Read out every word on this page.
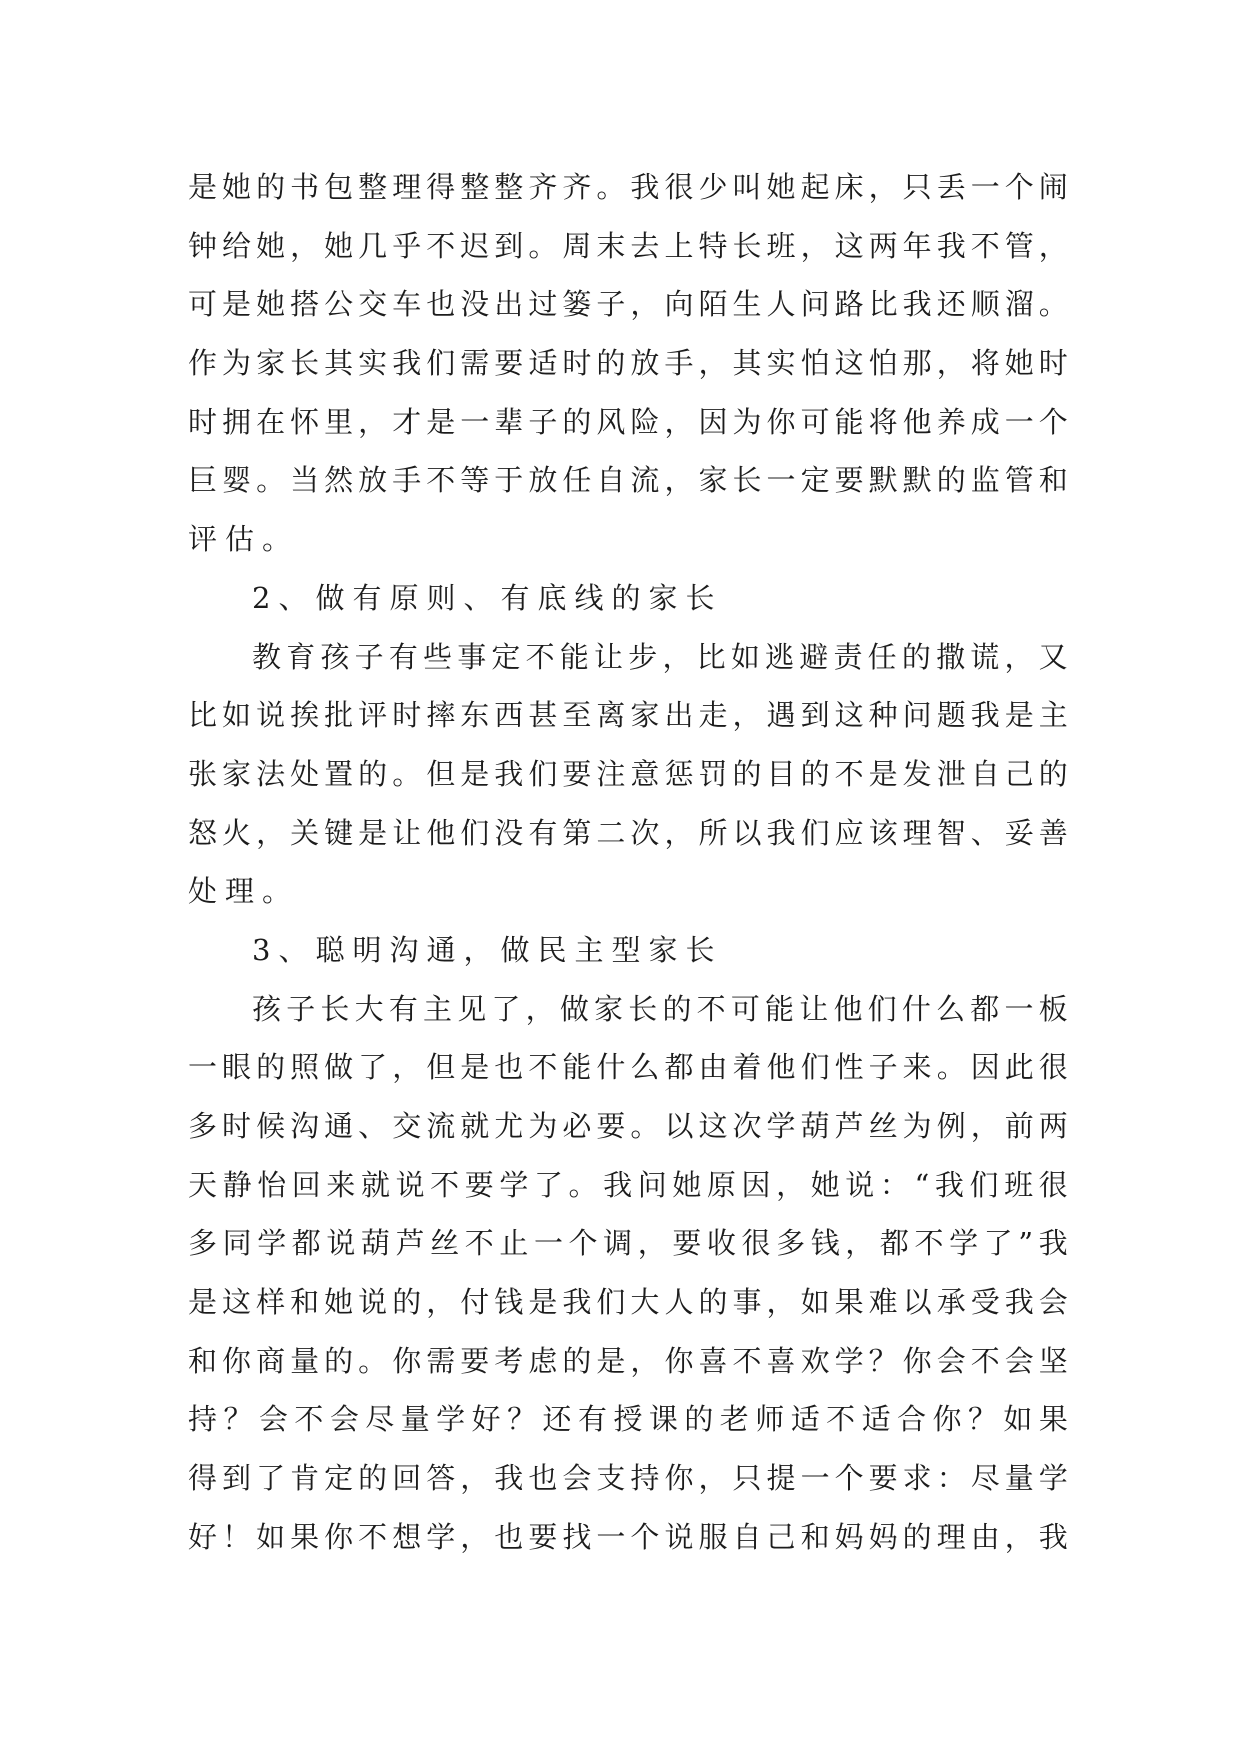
是 她 的 书 包 整 理 得 整 整 齐 齐 。 我 很 少 叫 她 起 床 ， 只 丢 一 个 闹
钟 给 她 ， 她 几 乎 不 迟 到 。 周 末 去 上 特 长 班 ， 这 两 年 我 不 管 ，
可 是 她 搭 公 交 车 也 没 出 过 篓 子 ， 向 陌 生 人 问 路 比 我 还 顺 溜 。
作 为 家 长 其 实 我 们 需 要 适 时 的 放 手 ， 其 实 怕 这 怕 那 ， 将 她 时
时 拥 在 怀 里 ， 才 是 一 辈 子 的 风 险 ， 因 为 你 可 能 将 他 养 成 一 个
巨 婴 。 当 然 放 手 不 等 于 放 任 自 流 ， 家 长 一 定 要 默 默 的 监 管 和
评估。
2、做有原则、有底线的家长
教 育 孩 子 有 些 事 定 不 能 让 步 ， 比 如 逃 避 责 任 的 撒 谎 ， 又
比 如 说 挨 批 评 时 摔 东 西 甚 至 离 家 出 走 ， 遇 到 这 种 问 题 我 是 主
张 家 法 处 置 的 。 但 是 我 们 要 注 意 惩 罚 的 目 的 不 是 发 泄 自 己 的
怒 火 ， 关 键 是 让 他 们 没 有 第 二 次 ， 所 以 我 们 应 该 理 智 、 妥 善
处理。
3、聪明沟通，做民主型家长
孩 子 长 大 有 主 见 了 ， 做 家 长 的 不 可 能 让 他 们 什 么 都 一 板
一 眼 的 照 做 了 ， 但 是 也 不 能 什 么 都 由 着 他 们 性 子 来 。 因 此 很
多 时 候 沟 通 、 交 流 就 尤 为 必 要 。 以 这 次 学 葫 芦 丝 为 例 ， 前 两
天 静 怡 回 来 就 说 不 要 学 了 。 我 问 她 原 因 ， 她 说 ： “ 我 们 班 很
多 同 学 都 说 葫 芦 丝 不 止 一 个 调 ， 要 收 很 多 钱 ， 都 不 学 了 ” 我
是 这 样 和 她 说 的 ， 付 钱 是 我 们 大 人 的 事 ， 如 果 难 以 承 受 我 会
和 你 商 量 的 。 你 需 要 考 虑 的 是 ， 你 喜 不 喜 欢 学 ？ 你 会 不 会 坚
持 ？ 会 不 会 尽 量 学 好 ？ 还 有 授 课 的 老 师 适 不 适 合 你 ？ 如 果
得 到 了 肯 定 的 回 答 ， 我 也 会 支 持 你 ， 只 提 一 个 要 求 ： 尽 量 学
好 ！ 如 果 你 不 想 学 ， 也 要 找 一 个 说 服 自 己 和 妈 妈 的 理 由 ， 我
